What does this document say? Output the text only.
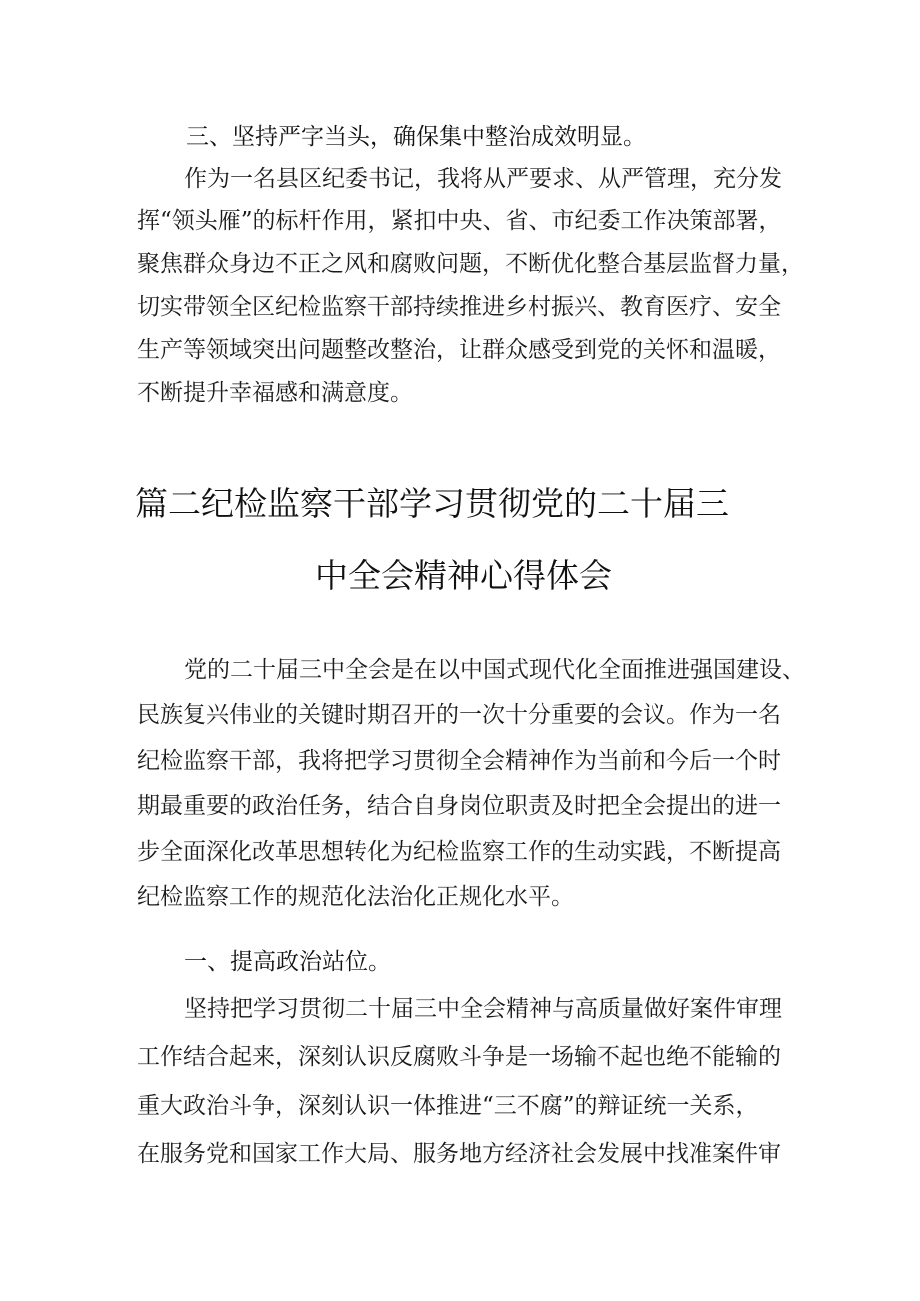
三、坚持严字当头，确保集中整治成效明显。
作为一名县区纪委书记，我将从严要求、从严管理，充分发
挥“领头雁”的标杆作用，紧扣中央、省、市纪委工作决策部署，
聚焦群众身边不正之风和腐败问题，不断优化整合基层监督力量，
切实带领全区纪检监察干部持续推进乡村振兴、教育医疗、安全
生产等领域突出问题整改整治，让群众感受到党的关怀和温暖，
不断提升幸福感和满意度。
篇二纪检监察干部学习贯彻党的二十届三
中全会精神心得体会
党的二十届三中全会是在以中国式现代化全面推进强国建设、
民族复兴伟业的关键时期召开的一次十分重要的会议。作为一名
纪检监察干部，我将把学习贯彻全会精神作为当前和今后一个时
期最重要的政治任务，结合自身岗位职责及时把全会提出的进一
步全面深化改革思想转化为纪检监察工作的生动实践，不断提高
纪检监察工作的规范化法治化正规化水平。
一、提高政治站位。
坚持把学习贯彻二十届三中全会精神与高质量做好案件审理
工作结合起来，深刻认识反腐败斗争是一场输不起也绝不能输的
重大政治斗争，深刻认识一体推进“三不腐”的辩证统一关系，
在服务党和国家工作大局、服务地方经济社会发展中找准案件审
